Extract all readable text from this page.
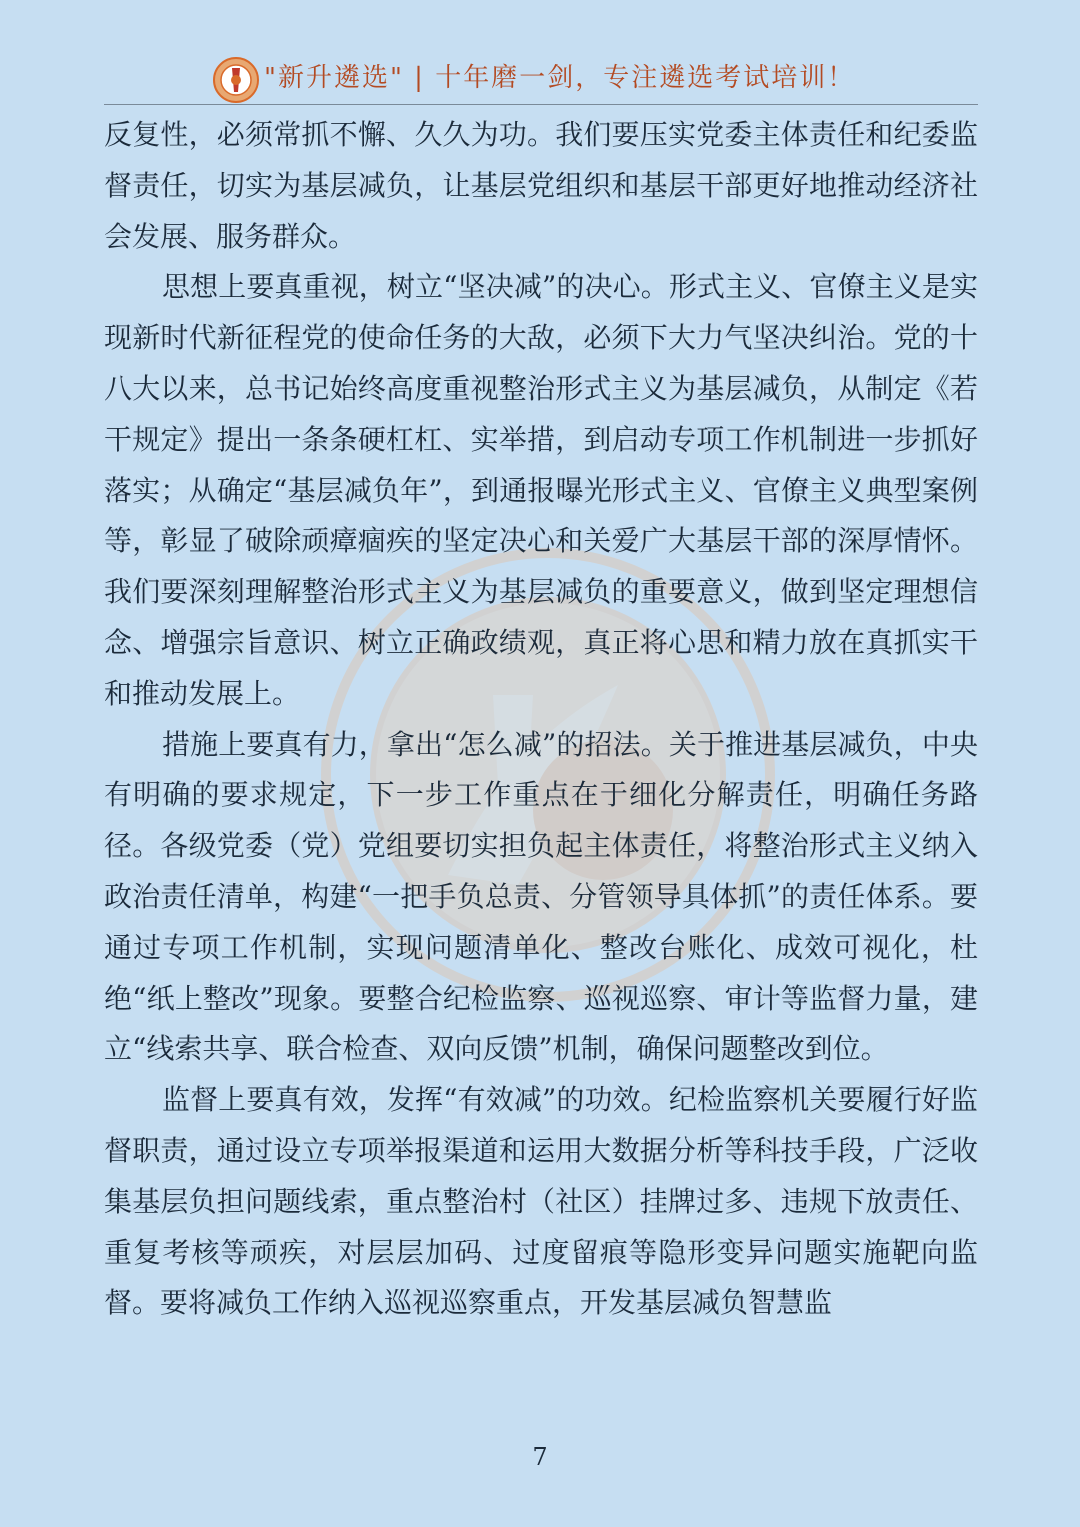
"新升遴选" | 十年磨一剑，专注遴选考试培训！

反复性，必须常抓不懈、久久为功。我们要压实党委主体责任和纪委监督责任，切实为基层减负，让基层党组织和基层干部更好地推动经济社会发展、服务群众。

思想上要真重视，树立“坚决减”的决心。形式主义、官僚主义是实现新时代新征程党的使命任务的大敌，必须下大力气坚决纠治。党的十八大以来，总书记始终高度重视整治形式主义为基层减负，从制定《若干规定》提出一条条硬杠杠、实举措，到启动专项工作机制进一步抓好落实；从确定“基层减负年”，到通报曝光形式主义、官僚主义典型案例等，彰显了破除顽瘴痼疾的坚定决心和关爱广大基层干部的深厚情怀。我们要深刻理解整治形式主义为基层减负的重要意义，做到坚定理想信念、增强宗旨意识、树立正确政绩观，真正将心思和精力放在真抓实干和推动发展上。

措施上要真有力，拿出“怎么减”的招法。关于推进基层减负，中央有明确的要求规定，下一步工作重点在于细化分解责任，明确任务路径。各级党委（党）党组要切实担负起主体责任，将整治形式主义纳入政治责任清单，构建“一把手负总责、分管领导具体抓”的责任体系。要通过专项工作机制，实现问题清单化、整改台账化、成效可视化，杜绝“纸上整改”现象。要整合纪检监察、巡视巡察、审计等监督力量，建立“线索共享、联合检查、双向反馈”机制，确保问题整改到位。

监督上要真有效，发挥“有效减”的功效。纪检监察机关要履行好监督职责，通过设立专项举报渠道和运用大数据分析等科技手段，广泛收集基层负担问题线索，重点整治村（社区）挂牌过多、违规下放责任、重复考核等顽疾，对层层加码、过度留痕等隐形变异问题实施靶向监督。要将减负工作纳入巡视巡察重点，开发基层减负智慧监

7
